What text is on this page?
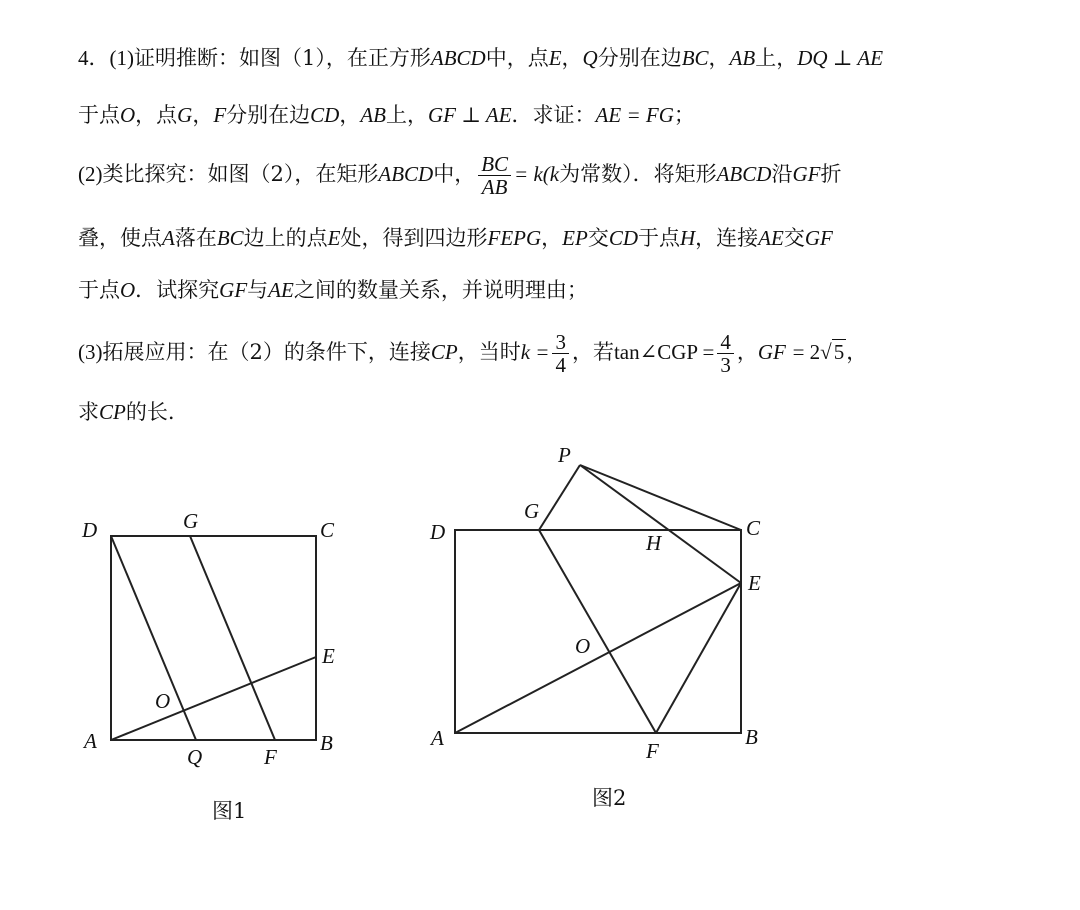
4．(1)证明推断：如图（1），在正方形ABCD中，点E，Q分别在边BC，AB上，DQ ⊥ AE
于点O，点G，F分别在边CD，AB上，GF ⊥ AE．求证：AE = FG；
(2)类比探究：如图（2），在矩形ABCD中， $\frac{BC}{AB} = k(k$为常数）．将矩形ABCD沿GF折
叠，使点A落在BC边上的点E处，得到四边形FEPG，EP交CD于点H，连接AE交GF
于点O．试探究GF与AE之间的数量关系，并说明理由；
(3)拓展应用：在（2）的条件下，连接CP，当时$k = \frac{3}{4}$ ，若tan∠CGP = $\frac{4}{3}$ ，GF = 2√5，
求CP的长.
D	G	C
E
O
A
Q	F
B
图1
P
G
C
D	H
E
O
A
F
B
图2
